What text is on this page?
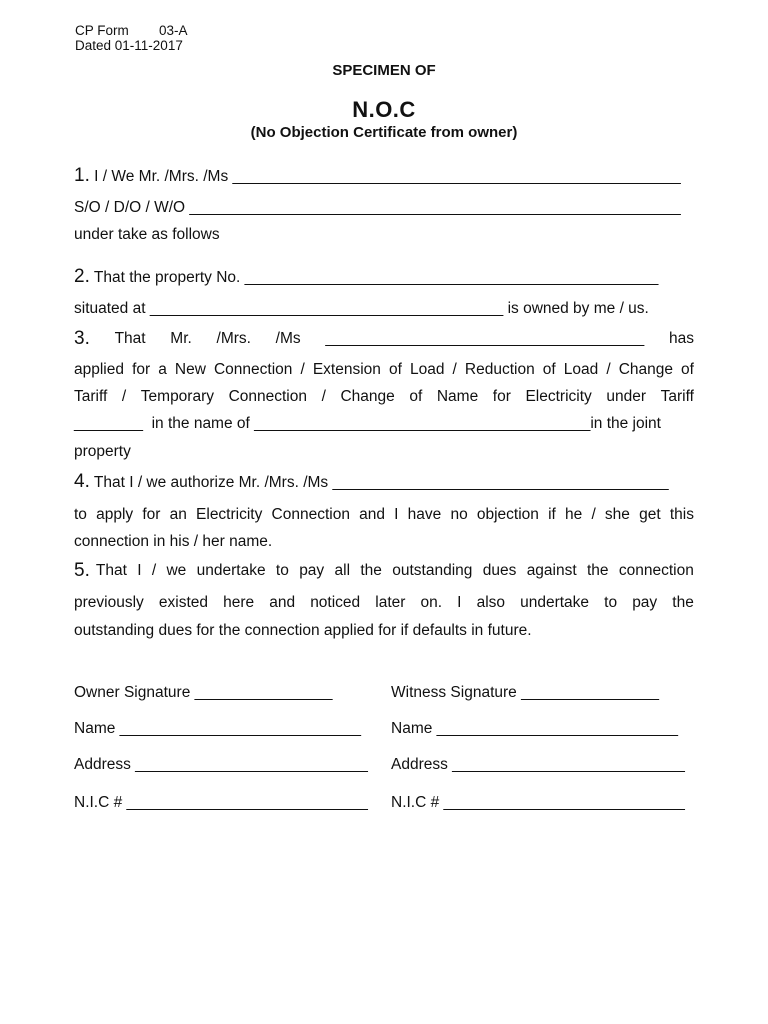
CP Form 03-A
Dated 01-11-2017
SPECIMEN OF
N.O.C
(No Objection Certificate from owner)
1. I / We Mr. /Mrs. /Ms ____________________________________________________
S/O / D/O / W/O _________________________________________________________
under take as follows
2. That the property No. ________________________________________________
situated at _________________________________________ is owned by me / us.
3. That Mr. /Mrs. /Ms _____________________________________ has
applied for a New Connection / Extension of Load / Reduction of Load / Change of
Tariff / Temporary Connection / Change of Name for Electricity under Tariff
________ in the name of _______________________________________in the joint
property
4. That I / we authorize Mr. /Mrs. /Ms _______________________________________
to apply for an Electricity Connection and I have no objection if he / she get this
connection in his / her name.
5. That I / we undertake to pay all the outstanding dues against the connection
previously existed here and noticed later on. I also undertake to pay the
outstanding dues for the connection applied for if defaults in future.
Owner Signature ________________
Name ____________________________
Address ___________________________
N.I.C # ____________________________
Witness Signature ________________
Name ____________________________
Address ___________________________
N.I.C # ____________________________
